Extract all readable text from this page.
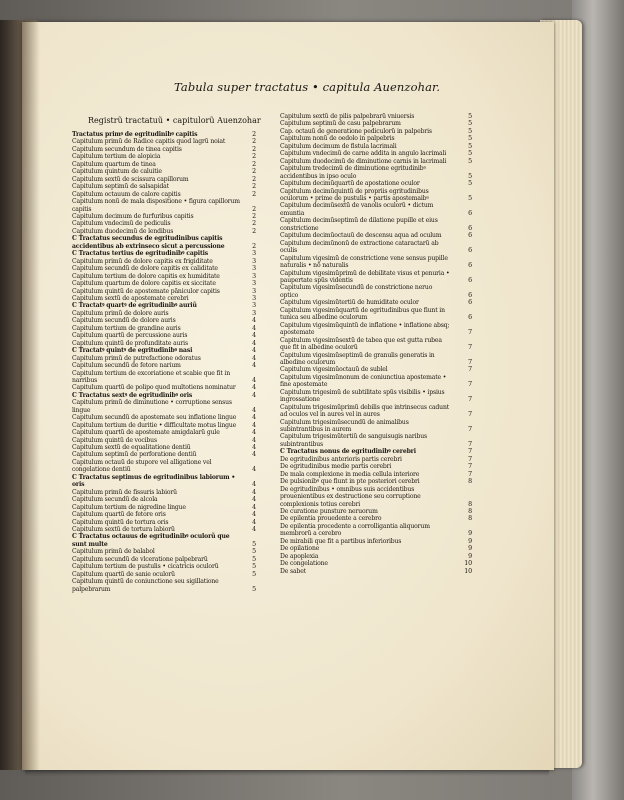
Tabula super tractatus • capitula Auenzohar.
Registrũ tractatuũ • capitulorũ Auenzohar
Tractatus primꝰ de egritudinibꝰ capitis	2
Capitulum primũ de Radice capitis quod lagrũ noiat	2
Capitulum secundum de tinea capitis	2
Capitulum tertium de alopicia	2
Capitulum quartum de tinea	2
Capitulum quintum de caluitie	2
Capitulum sextũ de scissura capillorum	2
Capitulum septimũ de salsapidat	2
Capitulum octauum de calore capitis	2
Capitulum nonũ de mala dispositione • figura capillorum capitis	2
Capitulum decimum de furfuribus capitis	2
Capitulum vndecimũ de pediculis	2
Capitulum duodecimũ de lendibus	2
C Tractatus secundus de egritudinibus capitis accidentibus ab extrinseco sicut a percussione	2
C Tractatus tertius de egritudinibꝰ capitis	3
Capitulum primũ de dolore capitis ex frigiditate	3
Capitulum secundũ de dolore capitis ex caliditate	3
Capitulum tertium de dolore capitis ex humiditate	3
Capitulum quartum de dolore capitis ex siccitate	3
Capitulum quintũ de apostemate pãniculor capitis	3
Capitulum sextũ de apostemate cerebri	3
C Tractatꝰ quartꝰ de egritudinibꝰ auriũ	3
Capitulum primũ de dolore auris	3
Capitulum secundũ de dolore auris	4
Capitulum tertium de grandine auris	4
Capitulum quartũ de percussione auris	4
Capitulum quintũ de profunditate auris	4
C Tractatꝰ quintꝰ de egritudinibꝰ nasi	4
Capitulum primũ de putrefactione odoratus	4
Capitulum secundũ de fetore narium	4
Capitulum tertium de excoriatione et scabie que fit in narribus	4
Capitulum quartũ de polipo quod multotiens nominatur	4
C Tractatus sextꝰ de egritudinibꝰ oris	4
Capitulum primũ de diminutione • corruptione sensus lingue	4
Capitulum secundũ de apostemate seu inflatione lingue	4
Capitulum tertium de duritie • difficultate motus lingue	4
Capitulum quartũ de apostemate amigdalarũ gule	4
Capitulum quintũ de vocibus	4
Capitulum sextũ de equalitatione dentiũ	4
Capitulum septimũ de perforatione dentiũ	4
Capitulum octauũ de stupore vel alligatione vel congelatione dentiũ	4
C Tractatus septimus de egritudinibus labiorum • oris	4
Capitulum primũ de fissuris labiorũ	4
Capitulum secundũ de alcola	4
Capitulum tertium de nigredine lingue	4
Capitulum quartũ de fetore oris	4
Capitulum quintũ de tortura oris	4
Capitulum sextũ de tortura labiorũ	4
C Tractatus octauus de egritudinibꝰ oculorũ que sunt multe	5
Capitulum primũ de balabol	5
Capitulum secundũ de vlceratione palpebrarũ	5
Capitulum tertium de pustulis • cicatricis oculorũ	5
Capitulum quartũ de sanie oculorũ	5
Capitulum quintũ de coniunctione seu sigillatione palpebrarum	5
Capitulum sextũ de pilis palpebrarũ vniuersis	5
Capitulum septimũ de casu palpebrarum	5
Cap. octauũ de generatione pediculorũ in palpebris	5
Capitulum nonũ de oedolo in palpebris	5
Capitulum decimum de fistula lacrimali	5
Capitulum vndecimũ de carne addita in angulo lacrimali	5
Capitulum duodecimũ de diminutione carnis in lacrimali	5
Capitulum tredecimũ de diminutione egritudinibꝰ accidentibus in ipso oculo	5
Capitulum decimũquartũ de apostatione oculor	5
Capitulum decimũquintũ de propriis egritudinibus oculorum • prime de pustulis • partis apostemaibꝰ	5
Capitulum decimũsextũ de vanolis oculorũ • dictum emuntia	6
Capitulum decimũseptimũ de dilatione pupille et eius constrictione	6
Capitulum decimũoctauũ de descensu aqua ad oculum	6
Capitulum decimũnonũ de extractione cataractarũ ab oculis	6
Capitulum vigesimũ de constrictione vene sensus pupille naturalis • nõ naturalis	6
Capitulum vigesimũprimũ de debilitate visus et penuria • paupertate spũs videntis	6
Capitulum vigesimũsecundũ de constrictione neruo optico	6
Capitulum vigesimũtertiũ de humiditate oculor	6
Capitulum vigesimũquartũ de egritudinibus que fiunt in tunica seu albedine oculorum	6
Capitulum vigesimũquintũ de inflatione • inflatione absq; apostemate	7
Capitulum vigesimũsextũ de tabea que est gutta rubea que fit in albedine oculorũ	7
Capitulum vigesimũseptimũ de granulis generatis in albedine oculorum	7
Capitulum vigesimũoctauũ de sublel	7
Capitulum vigesimũnonum de coniunctiua apostemate • fine apostemate	7
Capitulum trigesimũ de subtilitate spũs visibilis • ipsius ingrossatione	7
Capitulum trigesimũprimũ debilis que intrinsecus cadunt ad oculos vel in aures vel in aures	7
Capitulum trigesimũsecundũ de animalibus subintrantibus in aurem	7
Capitulum trigesimũtertiũ de sanguisugis naribus subintrantibus	7
C Tractatus nonus de egritudinibꝰ cerebri	7
De egritudinibus anterioris partis cerebri	7
De egritudinibus medie partis cerebri	7
De mala complexione in media cellula interiore	7
De pulsionibꝰ que fiunt in pte posteriori cerebri	8
De egritudinibus • omnibus suis accidentibus prouenientibus ex destructione seu corruptione complexionis totius cerebri	8
De curatione punsture neruorum	8
De epilentia prouedente a cerebro	8
De epilentia procedente a corrolligantia aliquorum membrorũ a cerebro	9
De mirabili que fit a partibus inferioribus	9
De opilatione	9
De apoplexia	9
De congelatione	10
De sabet	10
